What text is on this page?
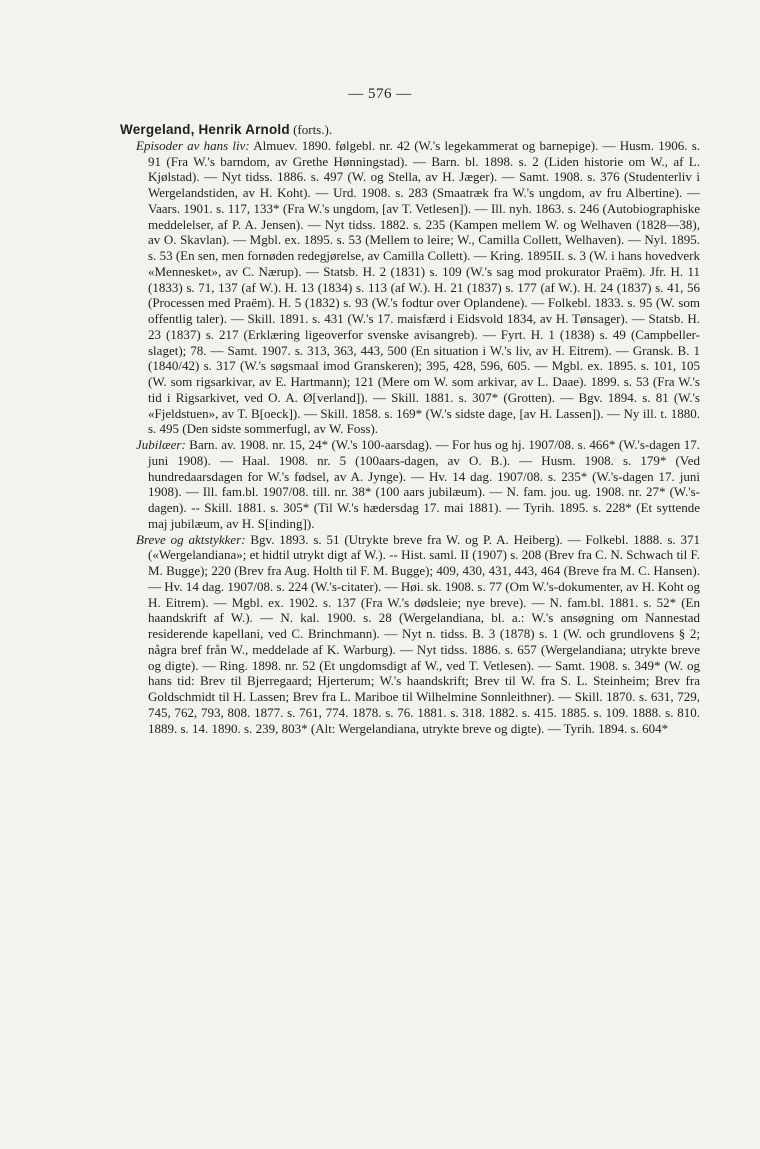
— 576 —

Wergeland, Henrik Arnold (forts.).

Episoder av hans liv: Almuev. 1890. følgebl. nr. 42 (W.'s legekammerat og barnepige). — Husm. 1906. s. 91 (Fra W.'s barndom, av Grethe Hønningstad). — Barn. bl. 1898. s. 2 (Liden historie om W., af L. Kjølstad). — Nyt tidss. 1886. s. 497 (W. og Stella, av H. Jæger). — Samt. 1908. s. 376 (Studenterliv i Wergelandstiden, av H. Koht). — Urd. 1908. s. 283 (Smaatræk fra W.'s ungdom, av fru Albertine). — Vaars. 1901. s. 117, 133* (Fra W.'s ungdom, [av T. Vetlesen]). — Ill. nyh. 1863. s. 246 (Autobiographiske meddelelser, af P. A. Jensen). — Nyt tidss. 1882. s. 235 (Kampen mellem W. og Welhaven (1828—38), av O. Skavlan). — Mgbl. ex. 1895. s. 53 (Mellem to leire; W., Camilla Collett, Welhaven). — Nyl. 1895. s. 53 (En sen, men fornøden redegjørelse, av Camilla Collett). — Kring. 1895II. s. 3 (W. i hans hovedverk «Mennesket», av C. Nærup). — Statsb. H. 2 (1831) s. 109 (W.'s sag mod prokurator Praëm). Jfr. H. 11 (1833) s. 71, 137 (af W.). H. 13 (1834) s. 113 (af W.). H. 21 (1837) s. 177 (af W.). H. 24 (1837) s. 41, 56 (Processen med Praëm). H. 5 (1832) s. 93 (W.'s fodtur over Oplandene). — Folkebl. 1833. s. 95 (W. som offentlig taler). — Skill. 1891. s. 431 (W.'s 17. maisfærd i Eidsvold 1834, av H. Tønsager). — Statsb. H. 23 (1837) s. 217 (Erklæring ligeoverfor svenske avisangreb). — Fyrt. H. 1 (1838) s. 49 (Campbeller-slaget); 78. — Samt. 1907. s. 313, 363, 443, 500 (En situation i W.'s liv, av H. Eitrem). — Gransk. B. 1 (1840/42) s. 317 (W.'s søgsmaal imod Granskeren); 395, 428, 596, 605. — Mgbl. ex. 1895. s. 101, 105 (W. som rigsarkivar, av E. Hartmann); 121 (Mere om W. som arkivar, av L. Daae). 1899. s. 53 (Fra W.'s tid i Rigsarkivet, ved O. A. Ø[verland]). — Skill. 1881. s. 307* (Grotten). — Bgv. 1894. s. 81 (W.'s «Fjeldstuen», av T. B[oeck]). — Skill. 1858. s. 169* (W.'s sidste dage, [av H. Lassen]). — Ny ill. t. 1880. s. 495 (Den sidste sommerfugl, av W. Foss).

Jubilæer: Barn. av. 1908. nr. 15, 24* (W.'s 100-aarsdag). — For hus og hj. 1907/08. s. 466* (W.'s-dagen 17. juni 1908). — Haal. 1908. nr. 5 (100aars-dagen, av O. B.). — Husm. 1908. s. 179* (Ved hundredaarsdagen for W.'s fødsel, av A. Jynge). — Hv. 14 dag. 1907/08. s. 235* (W.'s-dagen 17. juni 1908). — Ill. fam.bl. 1907/08. till. nr. 38* (100 aars jubilæum). — N. fam. jou. ug. 1908. nr. 27* (W.'s-dagen). -- Skill. 1881. s. 305* (Til W.'s hædersdag 17. mai 1881). — Tyrih. 1895. s. 228* (Et syttende maj jubilæum, av H. S[inding]).

Breve og aktstykker: Bgv. 1893. s. 51 (Utrykte breve fra W. og P. A. Heiberg). — Folkebl. 1888. s. 371 («Wergelandiana»; et hidtil utrykt digt af W.). -- Hist. saml. II (1907) s. 208 (Brev fra C. N. Schwach til F. M. Bugge); 220 (Brev fra Aug. Holth til F. M. Bugge); 409, 430, 431, 443, 464 (Breve fra M. C. Hansen). — Hv. 14 dag. 1907/08. s. 224 (W.'s-citater). — Høi. sk. 1908. s. 77 (Om W.'s-dokumenter, av H. Koht og H. Eitrem). — Mgbl. ex. 1902. s. 137 (Fra W.'s dødsleie; nye breve). — N. fam.bl. 1881. s. 52* (En haandskrift af W.). — N. kal. 1900. s. 28 (Wergelandiana, bl. a.: W.'s ansøgning om Nannestad residerende kapellani, ved C. Brinchmann). — Nyt n. tidss. B. 3 (1878) s. 1 (W. och grundlovens § 2; några bref från W., meddelade af K. Warburg). — Nyt tidss. 1886. s. 657 (Wergelandiana; utrykte breve og digte). — Ring. 1898. nr. 52 (Et ungdomsdigt af W., ved T. Vetlesen). — Samt. 1908. s. 349* (W. og hans tid: Brev til Bjerregaard; Hjerterum; W.'s haandskrift; Brev til W. fra S. L. Steinheim; Brev fra Goldschmidt til H. Lassen; Brev fra L. Mariboe til Wilhelmine Sonnleithner). — Skill. 1870. s. 631, 729, 745, 762, 793, 808. 1877. s. 761, 774. 1878. s. 76. 1881. s. 318. 1882. s. 415. 1885. s. 109. 1888. s. 810. 1889. s. 14. 1890. s. 239, 803* (Alt: Wergelandiana, utrykte breve og digte). — Tyrih. 1894. s. 604*
